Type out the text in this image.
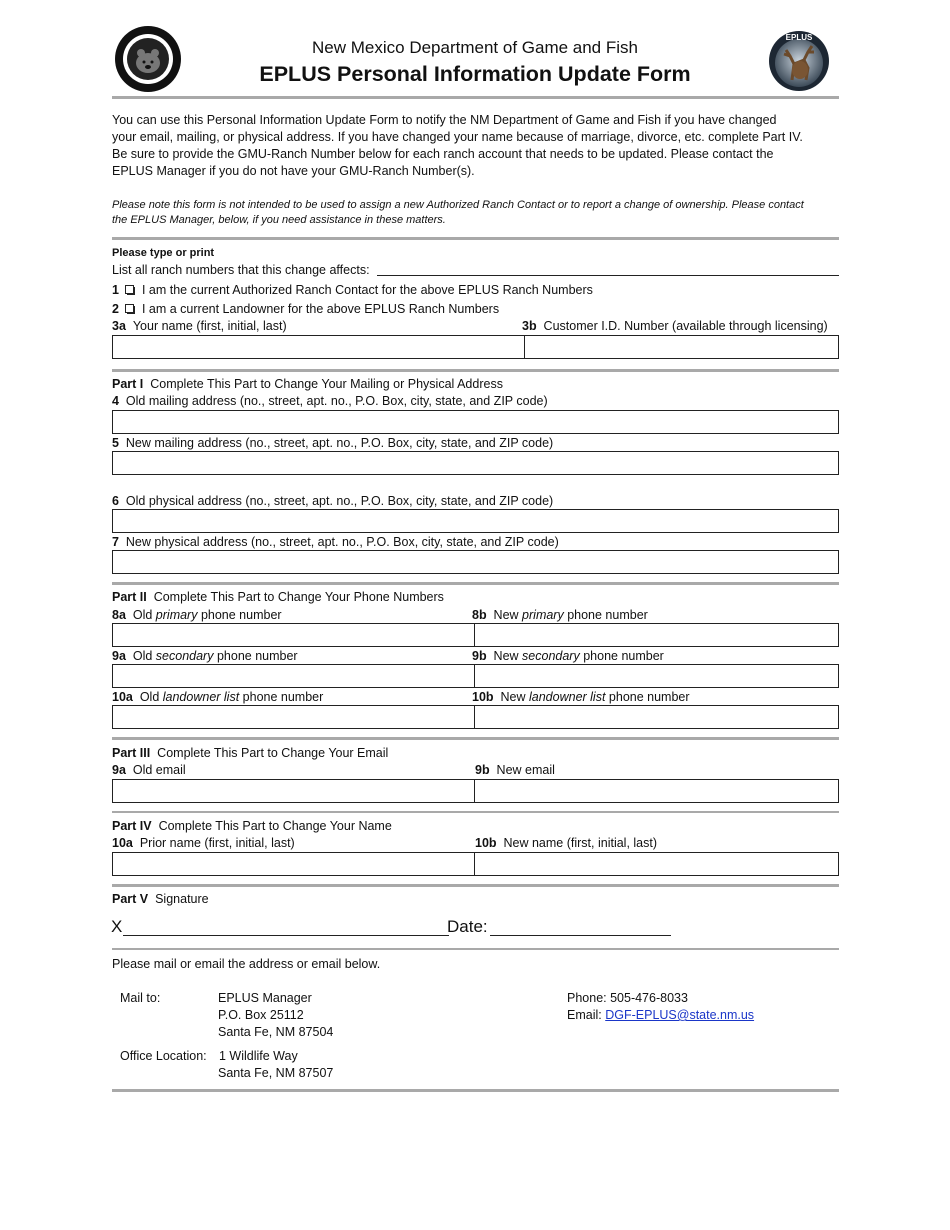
New Mexico Department of Game and Fish
EPLUS Personal Information Update Form
EPLUS
You can use this Personal Information Update Form to notify the NM Department of Game and Fish if you have changed
your email, mailing, or physical address. If you have changed your name because of marriage, divorce, etc. complete Part IV.
Be sure to provide the GMU-Ranch Number below for each ranch account that needs to be updated. Please contact the
EPLUS Manager if you do not have your GMU-Ranch Number(s).
Please note this form is not intended to be used to assign a new Authorized Ranch Contact or to report a change of ownership. Please contact
the EPLUS Manager, below, if you need assistance in these matters.
Please type or print
List all ranch numbers that this change affects:
1 I am the current Authorized Ranch Contact for the above EPLUS Ranch Numbers
2 I am a current Landowner for the above EPLUS Ranch Numbers
3a Your name (first, initial, last)	3b Customer I.D. Number (available through licensing)
Part I Complete This Part to Change Your Mailing or Physical Address
4 Old mailing address (no., street, apt. no., P.O. Box, city, state, and ZIP code)
5 New mailing address (no., street, apt. no., P.O. Box, city, state, and ZIP code)
6 Old physical address (no., street, apt. no., P.O. Box, city, state, and ZIP code)
7 New physical address (no., street, apt. no., P.O. Box, city, state, and ZIP code)
Part II Complete This Part to Change Your Phone Numbers
8a Old primary phone number	8b New primary phone number
9a Old secondary phone number	9b New secondary phone number
10a Old landowner list phone number	10b New landowner list phone number
Part III Complete This Part to Change Your Email
9a Old email	9b New email
Part IV Complete This Part to Change Your Name
10a Prior name (first, initial, last)	10b New name (first, initial, last)
Part V Signature
X	Date:
Please mail or email the address or email below.
Mail to:	EPLUS Manager
P.O. Box 25112
Santa Fe, NM 87504
Office Location: 1 Wildlife Way
Santa Fe, NM 87507
Phone: 505-476-8033
Email: DGF-EPLUS@state.nm.us
